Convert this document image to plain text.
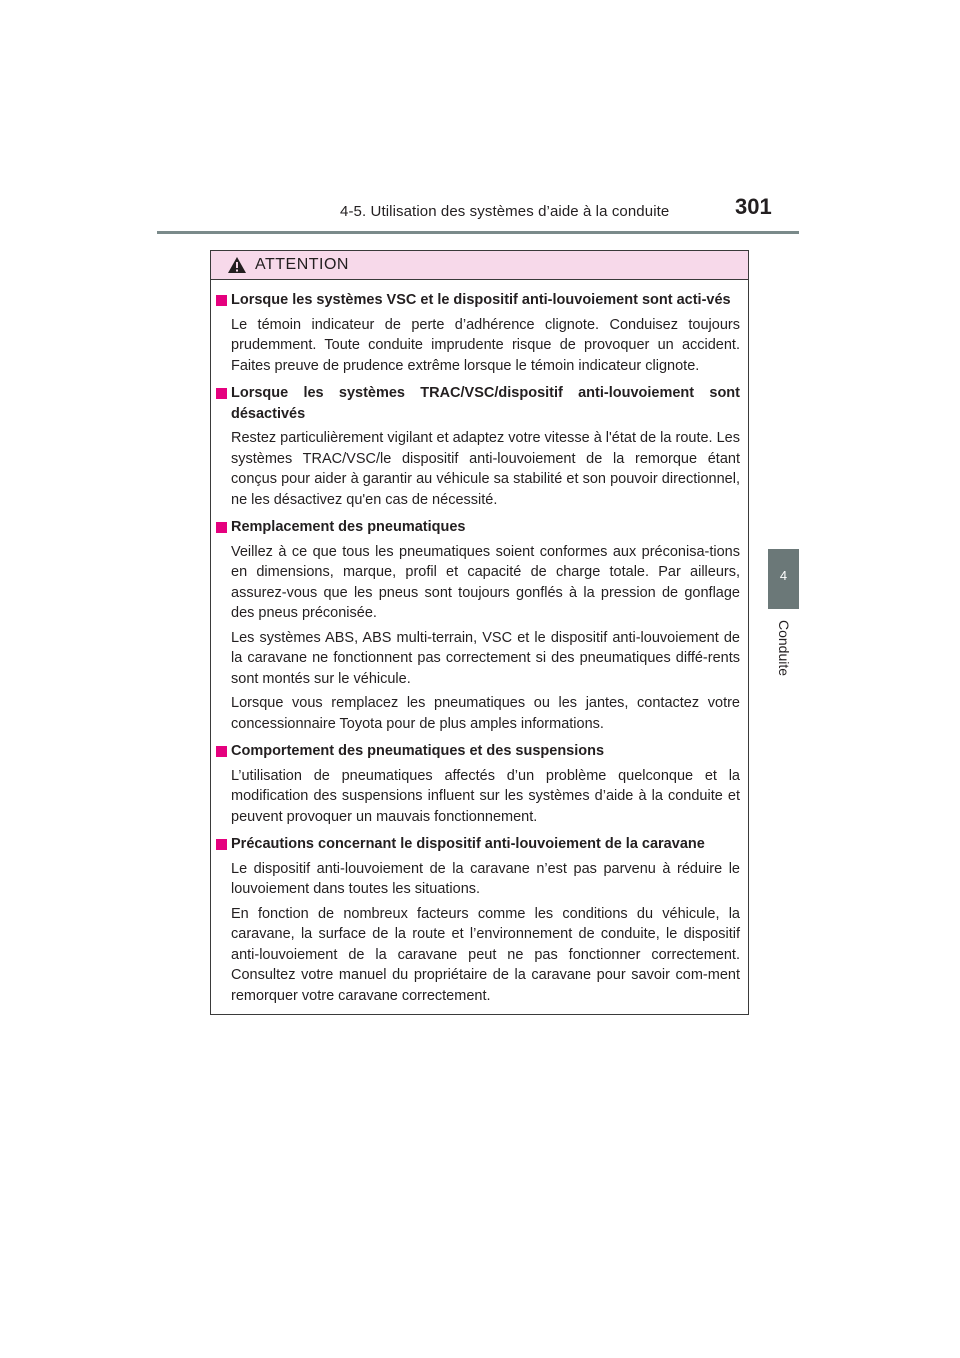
4-5. Utilisation des systèmes d’aide à la conduite	301
4
Conduite
ATTENTION
Lorsque les systèmes VSC et le dispositif anti-louvoiement sont acti-vés
Le témoin indicateur de perte d’adhérence clignote. Conduisez toujours prudemment. Toute conduite imprudente risque de provoquer un accident. Faites preuve de prudence extrême lorsque le témoin indicateur clignote.
Lorsque les systèmes TRAC/VSC/dispositif anti-louvoiement sont désactivés
Restez particulièrement vigilant et adaptez votre vitesse à l'état de la route. Les systèmes TRAC/VSC/le dispositif anti-louvoiement de la remorque étant conçus pour aider à garantir au véhicule sa stabilité et son pouvoir directionnel, ne les désactivez qu'en cas de nécessité.
Remplacement des pneumatiques
Veillez à ce que tous les pneumatiques soient conformes aux préconisa-tions en dimensions, marque, profil et capacité de charge totale. Par ailleurs, assurez-vous que les pneus sont toujours gonflés à la pression de gonflage des pneus préconisée.
Les systèmes ABS, ABS multi-terrain, VSC et le dispositif anti-louvoiement de la caravane ne fonctionnent pas correctement si des pneumatiques diffé-rents sont montés sur le véhicule.
Lorsque vous remplacez les pneumatiques ou les jantes, contactez votre concessionnaire Toyota pour de plus amples informations.
Comportement des pneumatiques et des suspensions
L’utilisation de pneumatiques affectés d’un problème quelconque et la modification des suspensions influent sur les systèmes d’aide à la conduite et peuvent provoquer un mauvais fonctionnement.
Précautions concernant le dispositif anti-louvoiement de la caravane
Le dispositif anti-louvoiement de la caravane n’est pas parvenu à réduire le louvoiement dans toutes les situations.
En fonction de nombreux facteurs comme les conditions du véhicule, la caravane, la surface de la route et l’environnement de conduite, le dispositif anti-louvoiement de la caravane peut ne pas fonctionner correctement. Consultez votre manuel du propriétaire de la caravane pour savoir com-ment remorquer votre caravane correctement.
